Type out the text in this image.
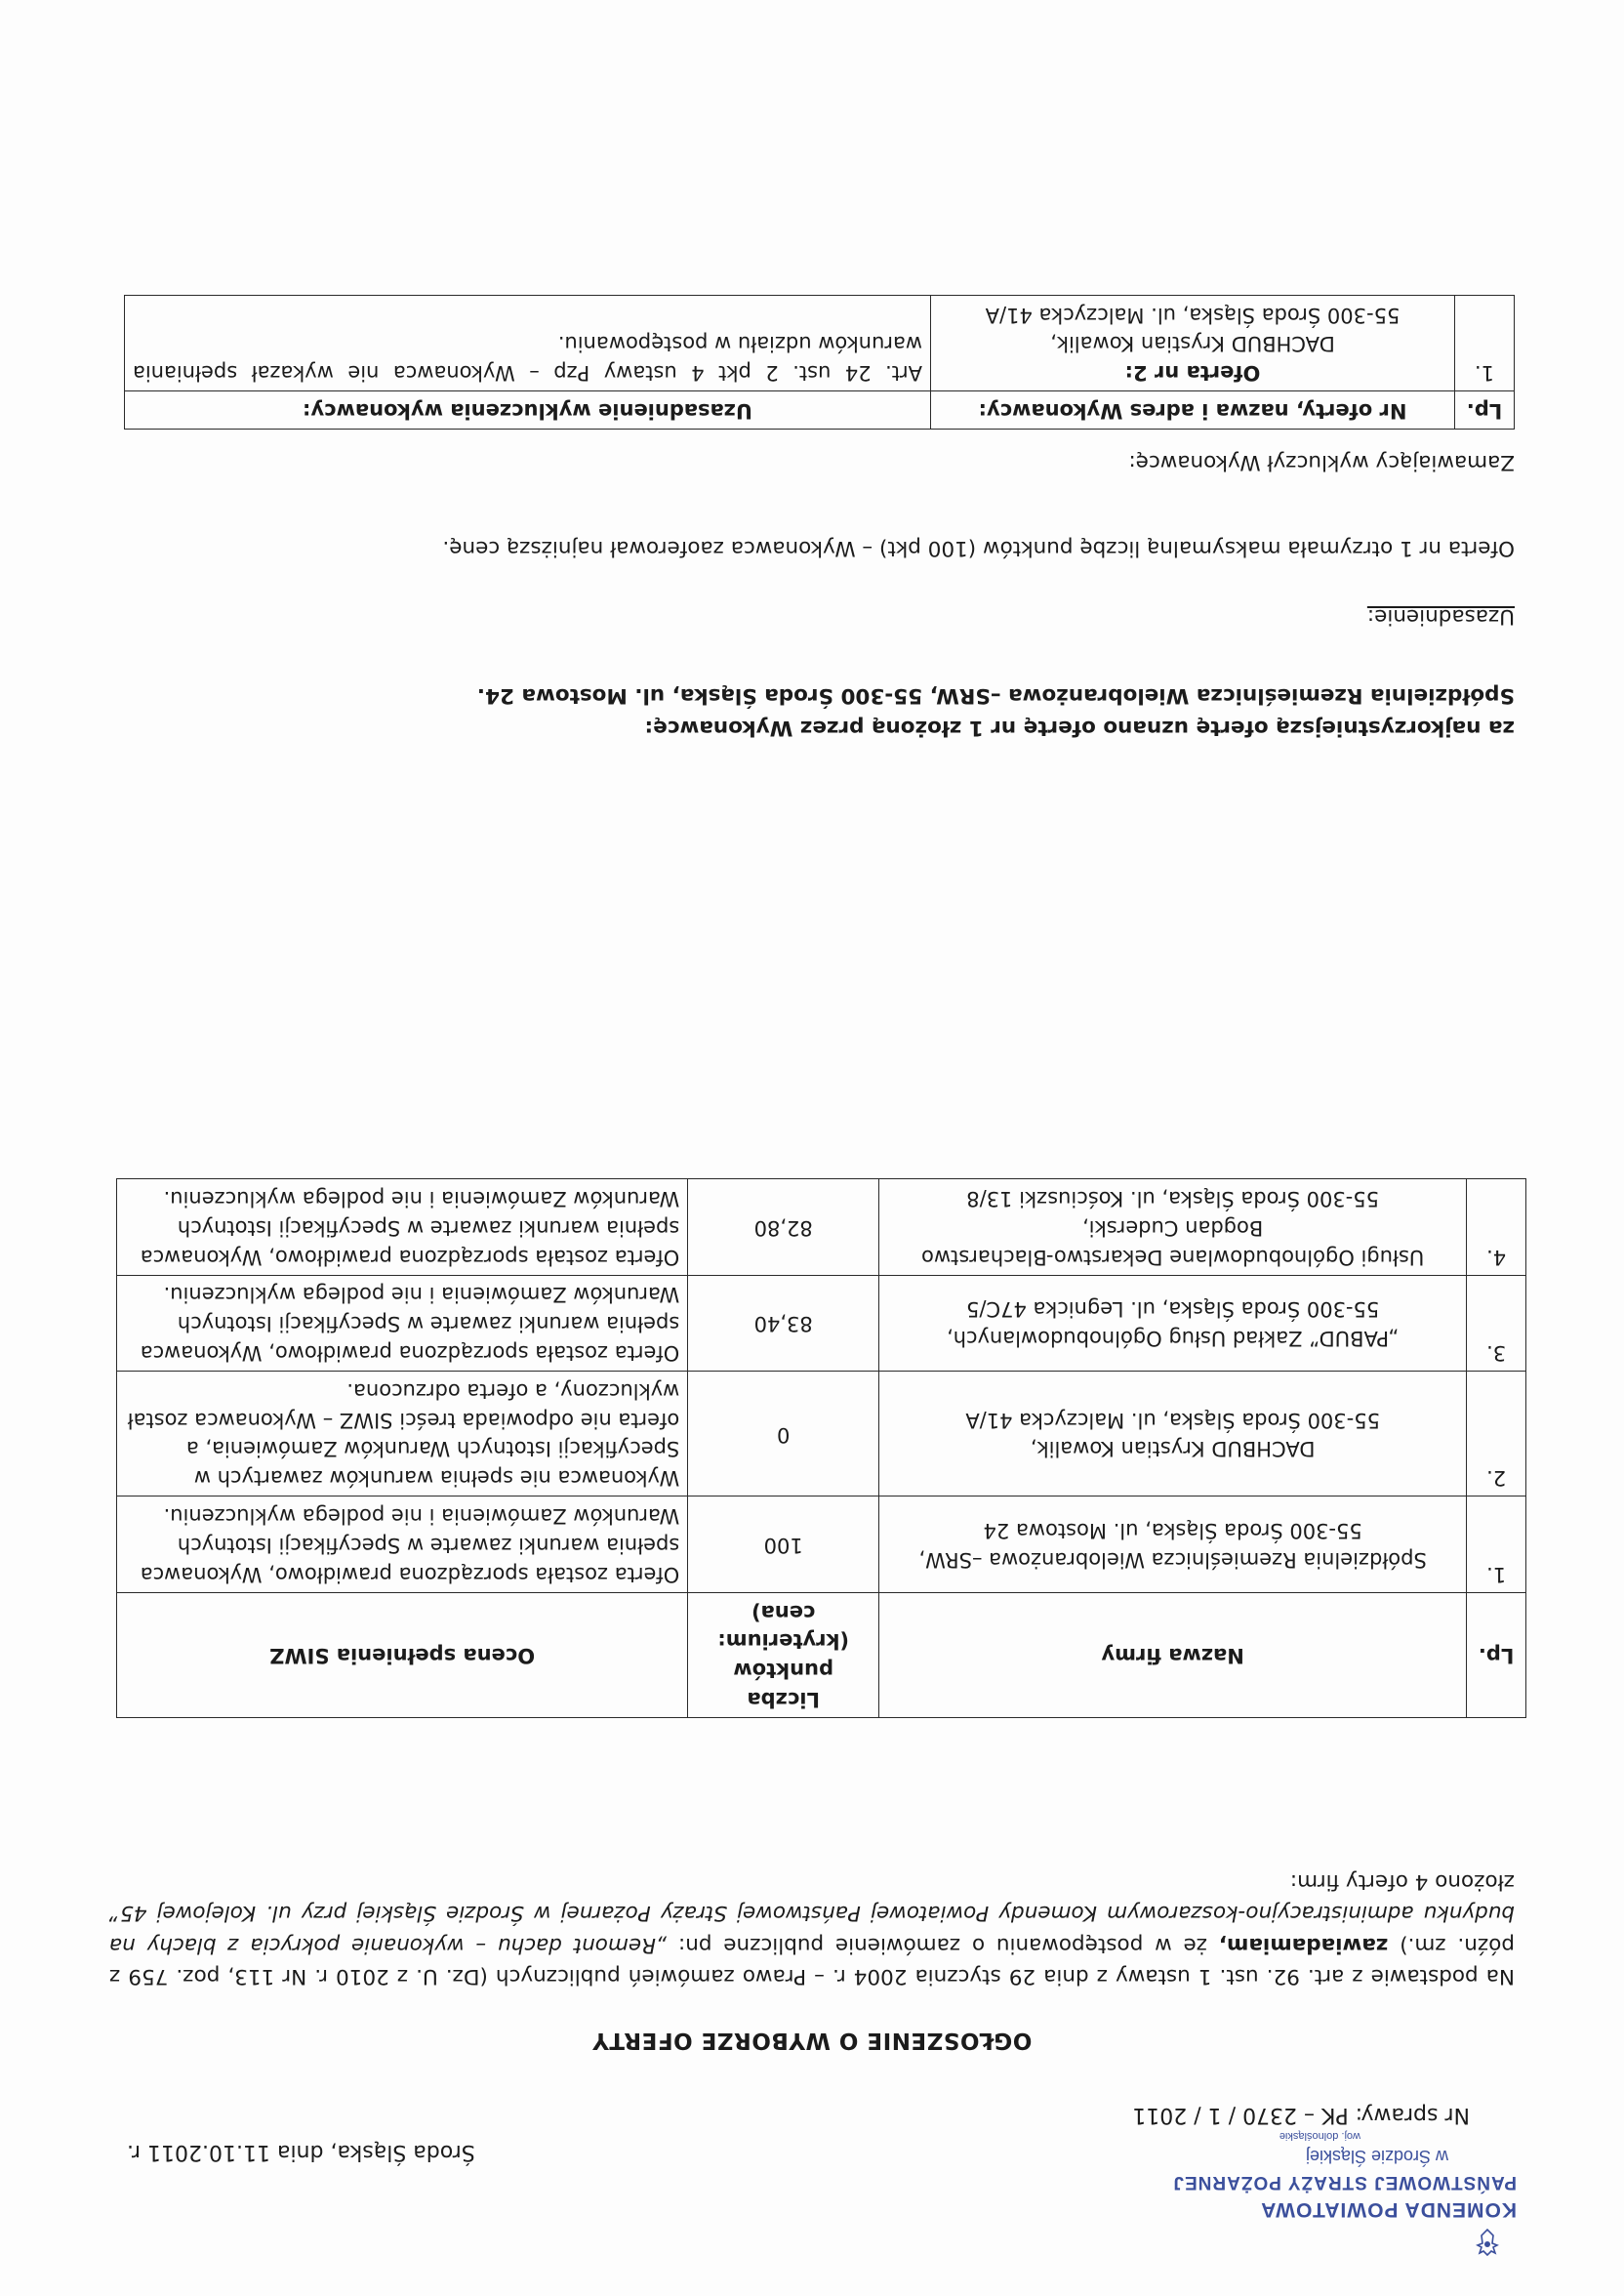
KOMENDA POWIATOWA
PAŃSTWOWEJ STRAŻY POŻARNEJ
w Środzie Śląskiej
woj. dolnośląskie
Środa Śląska, dnia 11.10.2011 r.
Nr sprawy: PK – 2370 / 1 / 2011
OGŁOSZENIE O WYBORZE OFERTY
Na podstawie z art. 92. ust. 1 ustawy z dnia 29 stycznia 2004 r. – Prawo zamówień publicznych (Dz. U. z 2010 r. Nr 113, poz. 759 z późn. zm.) zawiadamiam, że w postępowaniu o zamówienie publiczne pn: „Remont dachu – wykonanie pokrycia z blachy na budynku administracyjno-koszarowym Komendy Powiatowej Państwowej Straży Pożarnej w Środzie Śląskiej przy ul. Kolejowej 45” złożono 4 oferty firm:
Lp.	Nazwa firmy	Liczba punktów (kryterium: cena)	Ocena spełnienia SIWZ
1.	Spółdzielnia Rzemieślnicza Wielobranżowa –SRW,
55-300 Środa Śląska, ul. Mostowa 24	100	Oferta została sporządzona prawidłowo, Wykonawca spełnia warunki zawarte w Specyfikacji Istotnych Warunków Zamówienia i nie podlega wykluczeniu.
2.	DACHBUD Krystian Kowalik,
55-300 Środa Śląska, ul. Malczycka 41/A	0	Wykonawca nie spełnia warunków zawartych w Specyfikacji Istotnych Warunków Zamówienia, a oferta nie odpowiada treści SIWZ – Wykonawca został wykluczony, a oferta odrzucona.
3.	„PABUD” Zakład Usług Ogólnobudowlanych,
55-300 Środa Śląska, ul. Legnicka 47C/5	83,40	Oferta została sporządzona prawidłowo, Wykonawca spełnia warunki zawarte w Specyfikacji Istotnych Warunków Zamówienia i nie podlega wykluczeniu.
4.	Usługi Ogólnobudowlane Dekarstwo-Blacharstwo Bogdan Cuderski,
55-300 Środa Śląska, ul. Kościuszki 13/8	82,80	Oferta została sporządzona prawidłowo, Wykonawca spełnia warunki zawarte w Specyfikacji Istotnych Warunków Zamówienia i nie podlega wykluczeniu.
za najkorzystniejszą ofertę uznano ofertę nr 1 złożoną przez Wykonawcę:
Spółdzielnia Rzemieślnicza Wielobranżowa –SRW, 55-300 Środa Śląska, ul. Mostowa 24.
Uzasadnienie:
Oferta nr 1 otrzymała maksymalną liczbę punktów (100 pkt) – Wykonawca zaoferował najniższą cenę.
Zamawiający wykluczył Wykonawcę:
Lp.	Nr oferty, nazwa i adres Wykonawcy:	Uzasadnienie wykluczenia wykonawcy:
1.	Oferta nr 2:
DACHBUD Krystian Kowalik,
55-300 Środa Śląska, ul. Malczycka 41/A	Art. 24 ust. 2 pkt 4 ustawy Pzp – Wykonawca nie wykazał spełniania warunków udziału w postępowaniu.
